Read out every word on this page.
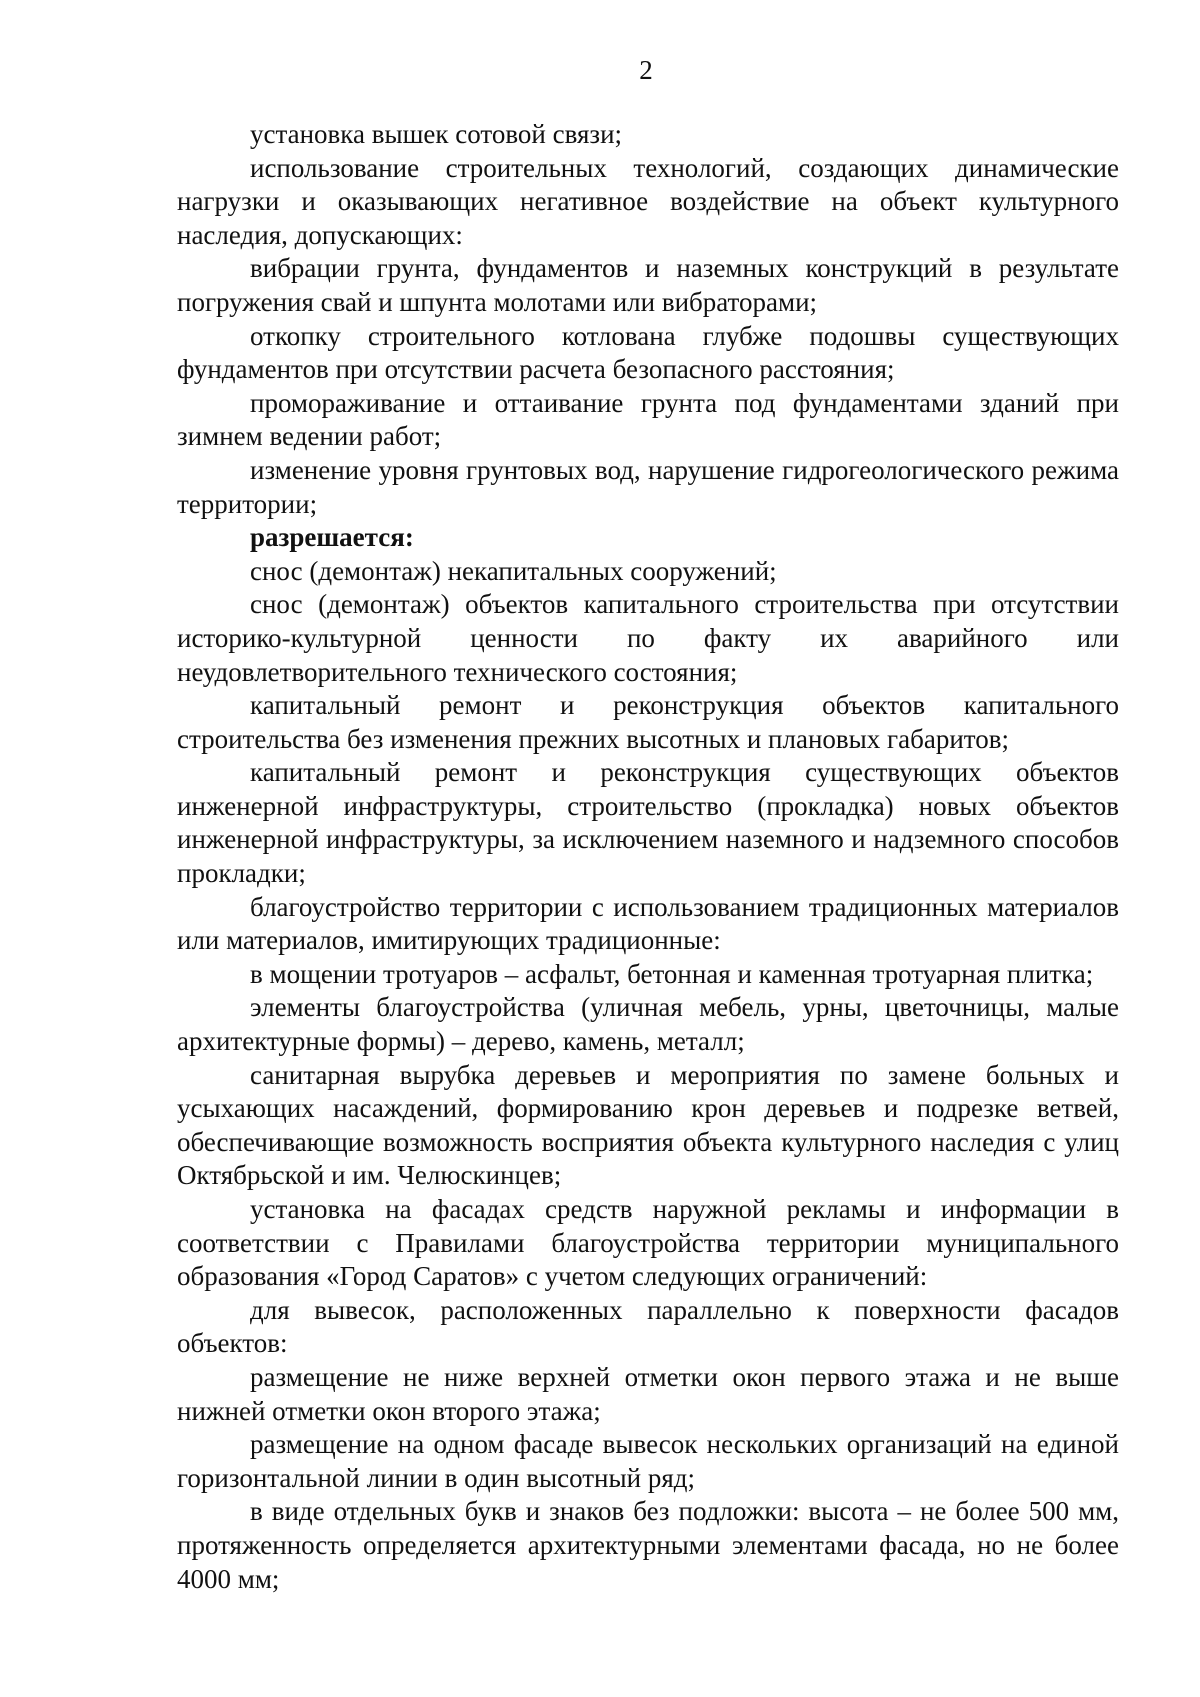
2

установка вышек сотовой связи;

использование строительных технологий, создающих динамические нагрузки и оказывающих негативное воздействие на объект культурного наследия, допускающих:

вибрации грунта, фундаментов и наземных конструкций в результате погружения свай и шпунта молотами или вибраторами;

откопку строительного котлована глубже подошвы существующих фундаментов при отсутствии расчета безопасного расстояния;

промораживание и оттаивание грунта под фундаментами зданий при зимнем ведении работ;

изменение уровня грунтовых вод, нарушение гидрогеологического режима территории;

разрешается:

снос (демонтаж) некапитальных сооружений;

снос (демонтаж) объектов капитального строительства при отсутствии историко-культурной ценности по факту их аварийного или неудовлетворительного технического состояния;

капитальный ремонт и реконструкция объектов капитального строительства без изменения прежних высотных и плановых габаритов;

капитальный ремонт и реконструкция существующих объектов инженерной инфраструктуры, строительство (прокладка) новых объектов инженерной инфраструктуры, за исключением наземного и надземного способов прокладки;

благоустройство территории с использованием традиционных материалов или материалов, имитирующих традиционные:

в мощении тротуаров – асфальт, бетонная и каменная тротуарная плитка;

элементы благоустройства (уличная мебель, урны, цветочницы, малые архитектурные формы) – дерево, камень, металл;

санитарная вырубка деревьев и мероприятия по замене больных и усыхающих насаждений, формированию крон деревьев и подрезке ветвей, обеспечивающие возможность восприятия объекта культурного наследия с улиц Октябрьской и им. Челюскинцев;

установка на фасадах средств наружной рекламы и информации в соответствии с Правилами благоустройства территории муниципального образования «Город Саратов» с учетом следующих ограничений:

для вывесок, расположенных параллельно к поверхности фасадов объектов:

размещение не ниже верхней отметки окон первого этажа и не выше нижней отметки окон второго этажа;

размещение на одном фасаде вывесок нескольких организаций на единой горизонтальной линии в один высотный ряд;

в виде отдельных букв и знаков без подложки: высота – не более 500 мм, протяженность определяется архитектурными элементами фасада, но не более 4000 мм;
